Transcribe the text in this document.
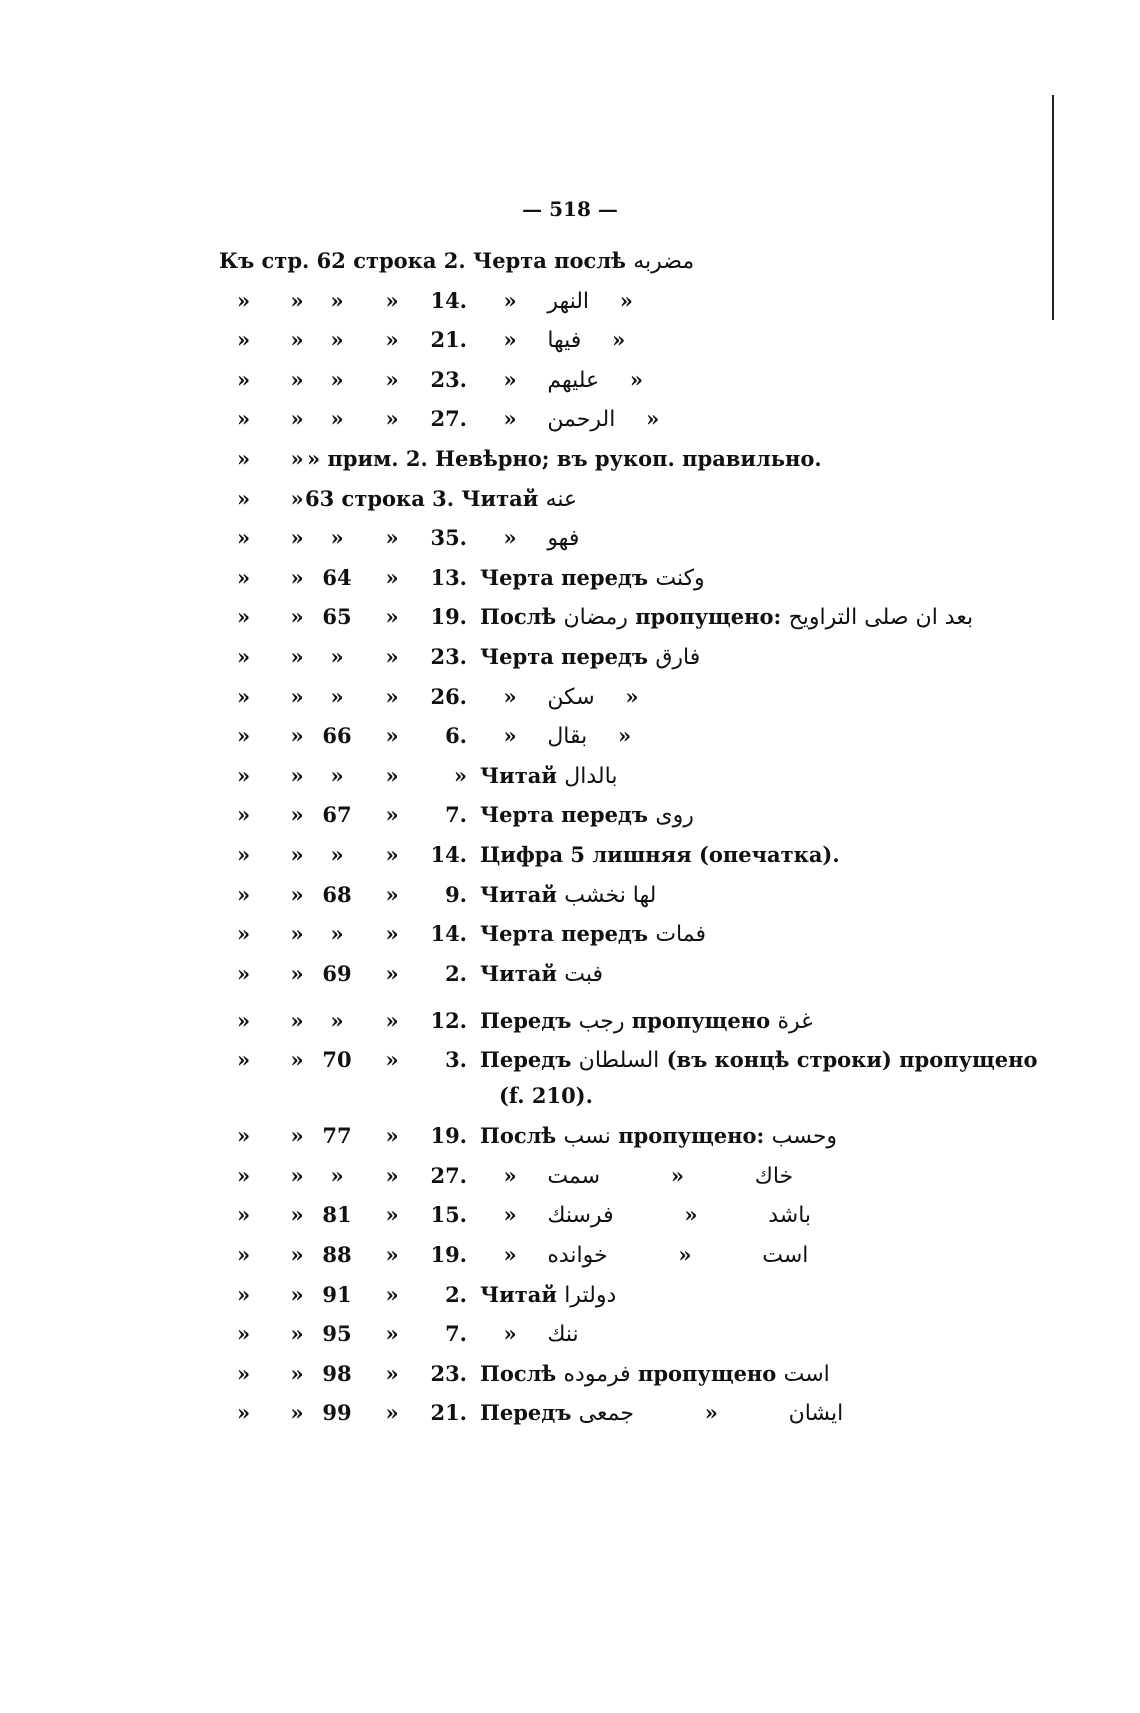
— 518 —
Къ стр. 62 строка 2. Черта послѣ مضربه
»	»	»	»	14.	» النهر »
»	»	»	»	21.	» فيها »
»	»	»	»	23.	» عليهم »
»	»	»	»	27.	» الرحمن »
»	» » прим. 2. Невѣрно; въ рукоп. правильно.
»	» 63 строка 3. Читай عنه
»	»	»	»	35.	» فهو
»	» 64	»	13. Черта передъ وكنت
»	» 65	»	19. Послѣ رمضان пропущено: بعد ان صلى التراويح
»	»	»	»	23. Черта передъ فارق
»	»	»	»	26.	» سكن »
»	» 66	»	6.	» بقال »
»	»	»	»	» Читай بالدال
»	» 67	»	7. Черта передъ روى
»	»	»	»	14. Цифра 5 лишняя (опечатка).
»	» 68	»	9. Читай لها نخشب
»	»	»	»	14. Черта передъ فمات
»	» 69	»	2. Читай فبت
»	»	»	»	12. Передъ رجب пропущено غرة
»	» 70	»	3. Передъ السلطان (въ концѣ строки) пропущено
(f. 210).
»	» 77	»	19. Послѣ نسب пропущено: وحسب
»	»	»	»	27.	» سمت	»	خاك
»	» 81	»	15.	» فرسنك	»	باشد
»	» 88	»	19.	» خوانده	»	است
»	» 91	»	2. Читай دولترا
»	» 95	»	7.	» ننك
»	» 98	»	23. Послѣ فرموده пропущено است
»	» 99	»	21. Передъ جمعى	»	ايشان
